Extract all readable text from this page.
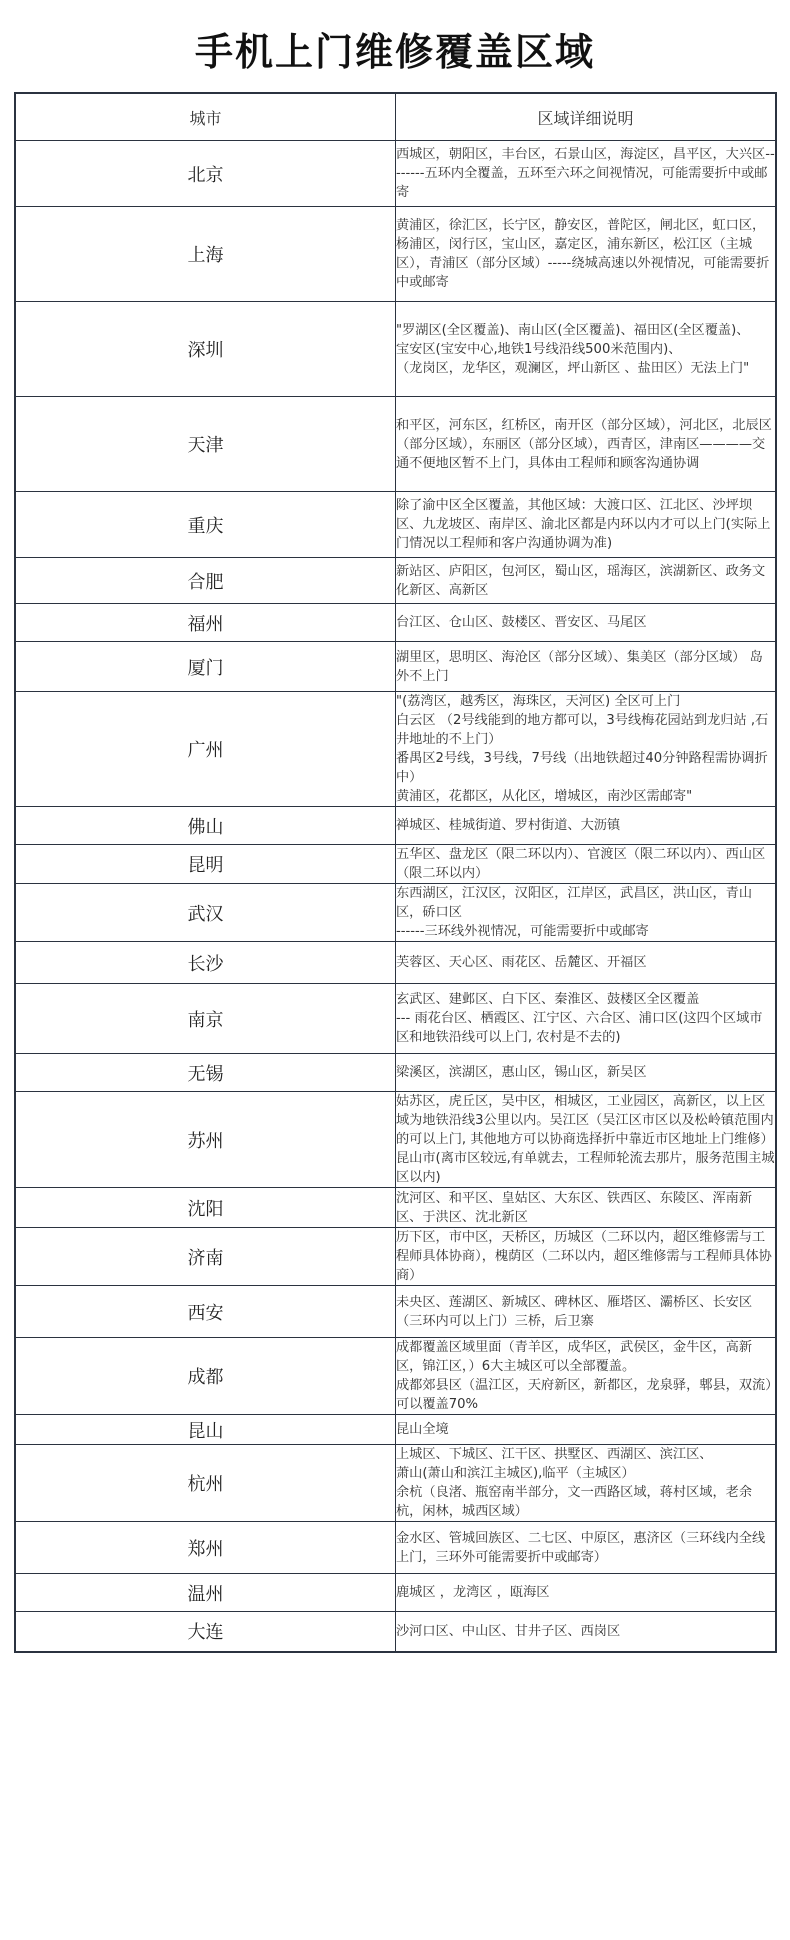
手机上门维修覆盖区域
城市	区域详细说明
北京	西城区，朝阳区，丰台区，石景山区，海淀区，昌平区，大兴区--------五环内全覆盖，五环至六环之间视情况，可能需要折中或邮寄
上海	黄浦区，徐汇区，长宁区，静安区，普陀区，闸北区，虹口区，杨浦区，闵行区，宝山区，嘉定区，浦东新区，松江区（主城区），青浦区（部分区域）-----绕城高速以外视情况，可能需要折中或邮寄
深圳	"罗湖区(全区覆盖)、南山区(全区覆盖)、福田区(全区覆盖)、
宝安区(宝安中心,地铁1号线沿线500米范围内)、
（龙岗区，龙华区，观澜区，坪山新区 、盐田区）无法上门"
天津	和平区，河东区，红桥区，南开区（部分区域），河北区，北辰区（部分区域），东丽区（部分区域），西青区，津南区————交通不便地区暂不上门，具体由工程师和顾客沟通协调
重庆	除了渝中区全区覆盖，其他区域：大渡口区、江北区、沙坪坝区、九龙坡区、南岸区、渝北区都是内环以内才可以上门(实际上门情况以工程师和客户沟通协调为准)
合肥	新站区、庐阳区，包河区，蜀山区，瑶海区，滨湖新区、政务文化新区、高新区
福州	台江区、仓山区、鼓楼区、晋安区、马尾区
厦门	湖里区，思明区、海沧区（部分区域）、集美区（部分区域） 岛外不上门
广州	"(荔湾区，越秀区，海珠区，天河区) 全区可上门
白云区 （2号线能到的地方都可以，3号线梅花园站到龙归站 ,石井地址的不上门）
番禺区2号线，3号线，7号线（出地铁超过40分钟路程需协调折中）
黄浦区，花都区，从化区，增城区，南沙区需邮寄"
佛山	禅城区、桂城街道、罗村街道、大沥镇
昆明	五华区、盘龙区（限二环以内）、官渡区（限二环以内）、西山区（限二环以内）
武汉	东西湖区，江汉区，汉阳区，江岸区，武昌区，洪山区，青山区，硚口区
------三环线外视情况，可能需要折中或邮寄
长沙	芙蓉区、天心区、雨花区、岳麓区、开福区
南京	玄武区、建邺区、白下区、秦淮区、鼓楼区全区覆盖
--- 雨花台区、栖霞区、江宁区、六合区、浦口区(这四个区域市区和地铁沿线可以上门, 农村是不去的)
无锡	梁溪区，滨湖区，惠山区，锡山区，新吴区
苏州	姑苏区，虎丘区，吴中区，相城区，工业园区，高新区，以上区域为地铁沿线3公里以内。吴江区（吴江区市区以及松岭镇范围内的可以上门, 其他地方可以协商选择折中靠近市区地址上门维修）
昆山市(离市区较远,有单就去，工程师轮流去那片，服务范围主城区以内)
沈阳	沈河区、和平区、皇姑区、大东区、铁西区、东陵区、浑南新区、于洪区、沈北新区
济南	历下区，市中区，天桥区，历城区（二环以内，超区维修需与工程师具体协商），槐荫区（二环以内，超区维修需与工程师具体协商）
西安	未央区、莲湖区、新城区、碑林区、雁塔区、灞桥区、长安区（三环内可以上门）三桥，后卫寨
成都	成都覆盖区域里面（青羊区，成华区，武侯区，金牛区，高新区，锦江区，）6大主城区可以全部覆盖。
成都郊县区（温江区，天府新区，新都区，龙泉驿，郫县，双流）可以覆盖70%
昆山	昆山全境
杭州	上城区、下城区、江干区、拱墅区、西湖区、滨江区、
萧山(萧山和滨江主城区),临平（主城区）
余杭（良渚、瓶窑南半部分，文一西路区域，蒋村区域，老余杭，闲林，城西区域）
郑州	金水区、管城回族区、二七区、中原区，惠济区（三环线内全线上门，三环外可能需要折中或邮寄）
温州	鹿城区 ，龙湾区 ，瓯海区
大连	沙河口区、中山区、甘井子区、西岗区
